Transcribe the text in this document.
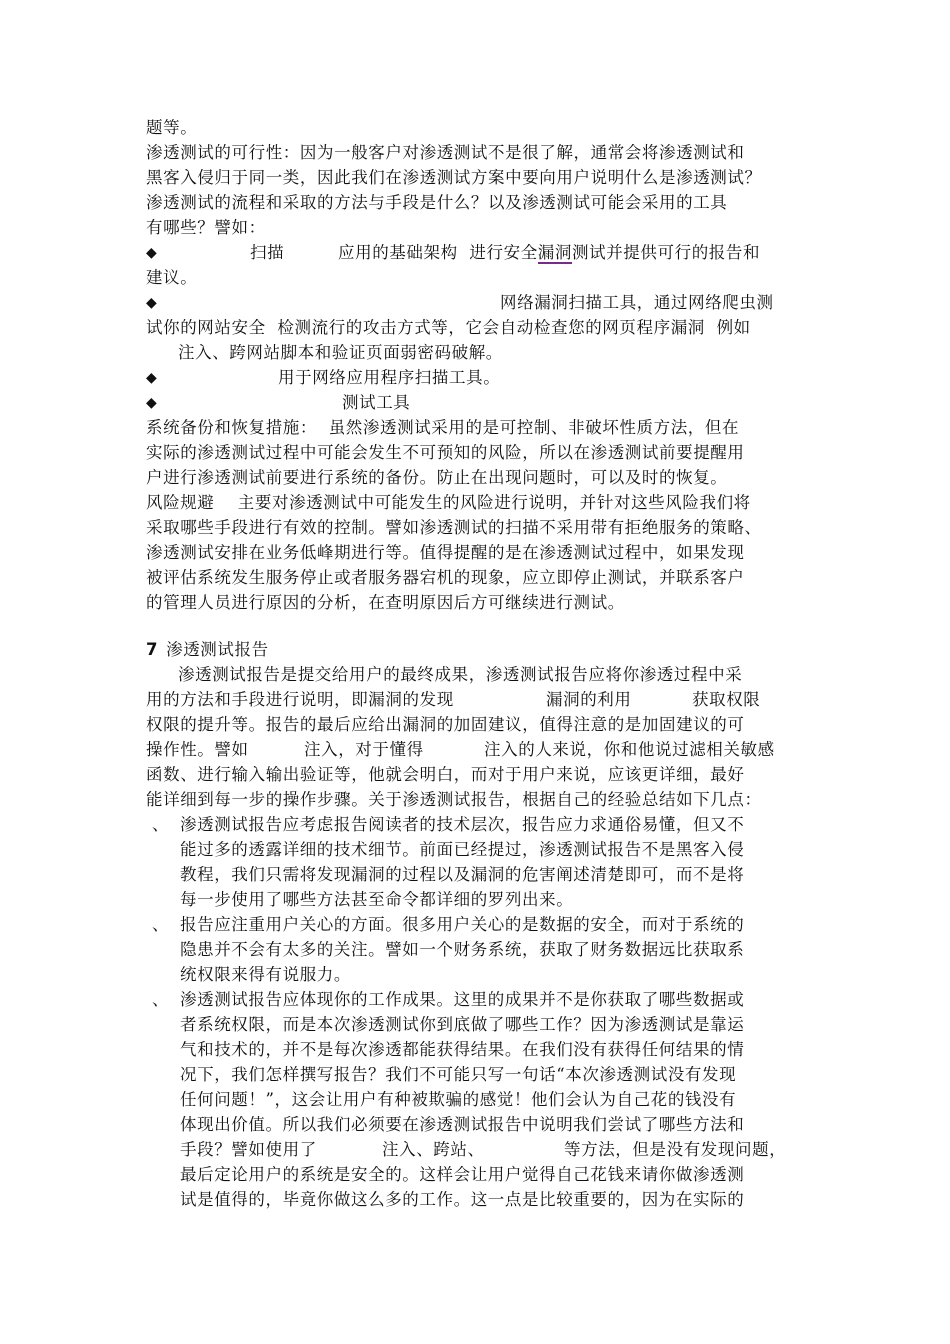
题等。
渗透测试的可行性：因为一般客户对渗透测试不是很了解，通常会将渗透测试和
黑客入侵归于同一类，因此我们在渗透测试方案中要向用户说明什么是渗透测试？
渗透测试的流程和采取的方法与手段是什么？以及渗透测试可能会采用的工具
有哪些？譬如：
◆	扫描	应用的基础架构  进行安全漏洞测试并提供可行的报告和
建议。
◆	网络漏洞扫描工具，通过网络爬虫测
试你的网站安全  检测流行的攻击方式等，它会自动检查您的网页程序漏洞  例如
注入、跨网站脚本和验证页面弱密码破解。
◆	用于网络应用程序扫描工具。
◆	测试工具
系统备份和恢复措施：  虽然渗透测试采用的是可控制、非破坏性质方法，但在
实际的渗透测试过程中可能会发生不可预知的风险，所以在渗透测试前要提醒用
户进行渗透测试前要进行系统的备份。防止在出现问题时，可以及时的恢复。
风险规避    主要对渗透测试中可能发生的风险进行说明，并针对这些风险我们将
采取哪些手段进行有效的控制。譬如渗透测试的扫描不采用带有拒绝服务的策略、
渗透测试安排在业务低峰期进行等。值得提醒的是在渗透测试过程中，如果发现
被评估系统发生服务停止或者服务器宕机的现象，应立即停止测试，并联系客户
的管理人员进行原因的分析，在查明原因后方可继续进行测试。
7 渗透测试报告
渗透测试报告是提交给用户的最终成果，渗透测试报告应将你渗透过程中采
用的方法和手段进行说明，即漏洞的发现	漏洞的利用	获取权限
权限的提升等。报告的最后应给出漏洞的加固建议，值得注意的是加固建议的可
操作性。譬如	注入，对于懂得	注入的人来说，你和他说过滤相关敏感
函数、进行输入输出验证等，他就会明白，而对于用户来说，应该更详细，最好
能详细到每一步的操作步骤。关于渗透测试报告，根据自己的经验总结如下几点：
、 渗透测试报告应考虑报告阅读者的技术层次，报告应力求通俗易懂，但又不
能过多的透露详细的技术细节。前面已经提过，渗透测试报告不是黑客入侵
教程，我们只需将发现漏洞的过程以及漏洞的危害阐述清楚即可，而不是将
每一步使用了哪些方法甚至命令都详细的罗列出来。
、 报告应注重用户关心的方面。很多用户关心的是数据的安全，而对于系统的
隐患并不会有太多的关注。譬如一个财务系统，获取了财务数据远比获取系
统权限来得有说服力。
、 渗透测试报告应体现你的工作成果。这里的成果并不是你获取了哪些数据或
者系统权限，而是本次渗透测试你到底做了哪些工作？因为渗透测试是靠运
气和技术的，并不是每次渗透都能获得结果。在我们没有获得任何结果的情
况下，我们怎样撰写报告？我们不可能只写一句话“本次渗透测试没有发现
任何问题！”，这会让用户有种被欺骗的感觉！他们会认为自己花的钱没有
体现出价值。所以我们必须要在渗透测试报告中说明我们尝试了哪些方法和
手段？譬如使用了	注入、跨站、	等方法，但是没有发现问题，
最后定论用户的系统是安全的。这样会让用户觉得自己花钱来请你做渗透测
试是值得的，毕竟你做这么多的工作。这一点是比较重要的，因为在实际的
